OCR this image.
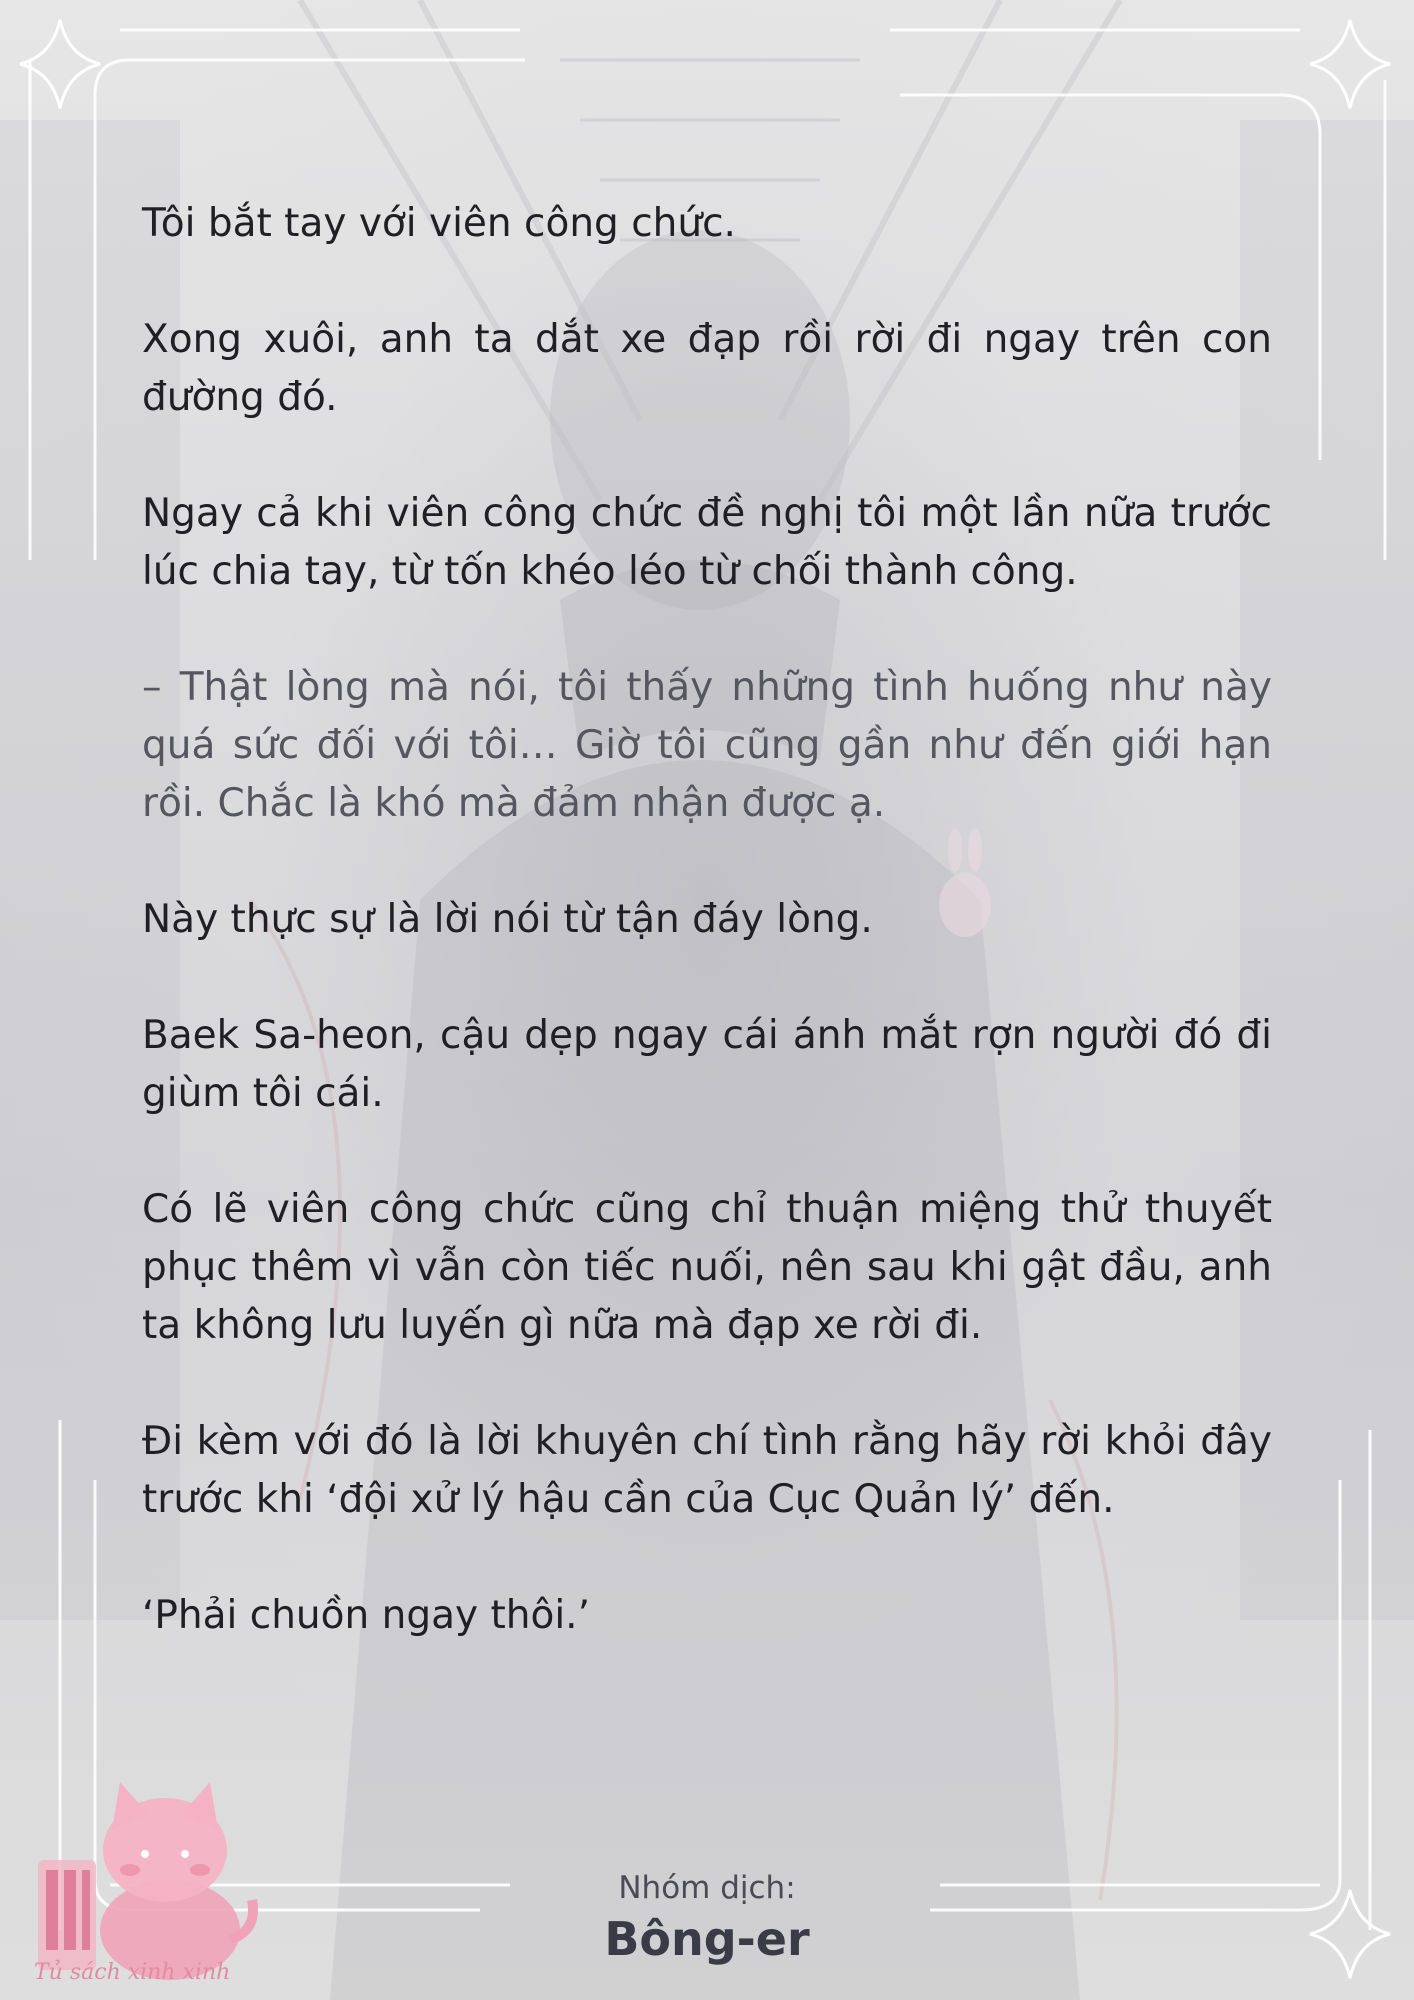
Tôi bắt tay với viên công chức.

Xong xuôi, anh ta dắt xe đạp rồi rời đi ngay trên con đường đó.

Ngay cả khi viên công chức đề nghị tôi một lần nữa trước lúc chia tay, từ tốn khéo léo từ chối thành công.

– Thật lòng mà nói, tôi thấy những tình huống như này quá sức đối với tôi… Giờ tôi cũng gần như đến giới hạn rồi. Chắc là khó mà đảm nhận được ạ.

Này thực sự là lời nói từ tận đáy lòng.

Baek Sa-heon, cậu dẹp ngay cái ánh mắt rợn người đó đi giùm tôi cái.

Có lẽ viên công chức cũng chỉ thuận miệng thử thuyết phục thêm vì vẫn còn tiếc nuối, nên sau khi gật đầu, anh ta không lưu luyến gì nữa mà đạp xe rời đi.

Đi kèm với đó là lời khuyên chí tình rằng hãy rời khỏi đây trước khi ‘đội xử lý hậu cần của Cục Quản lý’ đến.

‘Phải chuồn ngay thôi.’

Nhóm dịch:
Bông-er
Tủ sách xinh xinh
